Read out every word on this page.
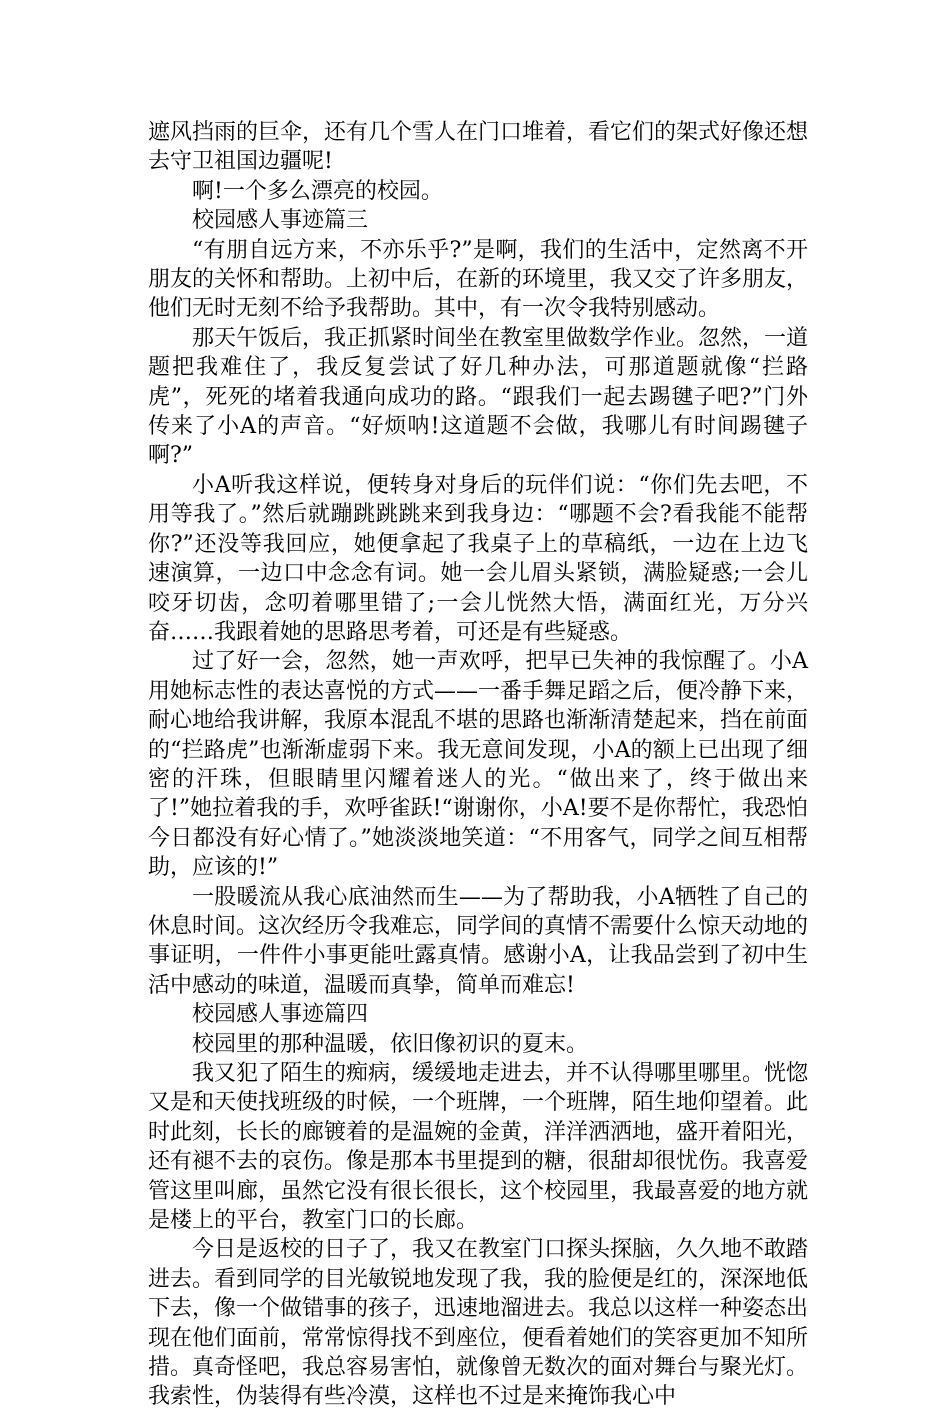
遮风挡雨的巨伞，还有几个雪人在门口堆着，看它们的架式好像还想去守卫祖国边疆呢!

啊!一个多么漂亮的校园。

校园感人事迹篇三

“有朋自远方来，不亦乐乎?”是啊，我们的生活中，定然离不开朋友的关怀和帮助。上初中后，在新的环境里，我又交了许多朋友，他们无时无刻不给予我帮助。其中，有一次令我特别感动。

那天午饭后，我正抓紧时间坐在教室里做数学作业。忽然，一道题把我难住了，我反复尝试了好几种办法，可那道题就像“拦路虎”，死死的堵着我通向成功的路。“跟我们一起去踢毽子吧?”门外传来了小A的声音。“好烦呐!这道题不会做，我哪儿有时间踢毽子啊?”

小A听我这样说，便转身对身后的玩伴们说：“你们先去吧，不用等我了。”然后就蹦跳跳跳来到我身边：“哪题不会?看我能不能帮你?”还没等我回应，她便拿起了我桌子上的草稿纸，一边在上边飞速演算，一边口中念念有词。她一会儿眉头紧锁，满脸疑惑;一会儿咬牙切齿，念叨着哪里错了;一会儿恍然大悟，满面红光，万分兴奋……我跟着她的思路思考着，可还是有些疑惑。

过了好一会，忽然，她一声欢呼，把早已失神的我惊醒了。小A用她标志性的表达喜悦的方式——一番手舞足蹈之后，便冷静下来，耐心地给我讲解，我原本混乱不堪的思路也渐渐清楚起来，挡在前面的“拦路虎”也渐渐虚弱下来。我无意间发现，小A的额上已出现了细密的汗珠，但眼睛里闪耀着迷人的光。“做出来了，终于做出来了!”她拉着我的手，欢呼雀跃!“谢谢你，小A!要不是你帮忙，我恐怕今日都没有好心情了。”她淡淡地笑道：“不用客气，同学之间互相帮助，应该的!”

一股暖流从我心底油然而生——为了帮助我，小A牺牲了自己的休息时间。这次经历令我难忘，同学间的真情不需要什么惊天动地的事证明，一件件小事更能吐露真情。感谢小A，让我品尝到了初中生活中感动的味道，温暖而真挚，简单而难忘!

校园感人事迹篇四

校园里的那种温暖，依旧像初识的夏末。

我又犯了陌生的痴病，缓缓地走进去，并不认得哪里哪里。恍惚又是和天使找班级的时候，一个班牌，一个班牌，陌生地仰望着。此时此刻，长长的廊镀着的是温婉的金黄，洋洋洒洒地，盛开着阳光，还有褪不去的哀伤。像是那本书里提到的糖，很甜却很忧伤。我喜爱管这里叫廊，虽然它没有很长很长，这个校园里，我最喜爱的地方就是楼上的平台，教室门口的长廊。

今日是返校的日子了，我又在教室门口探头探脑，久久地不敢踏进去。看到同学的目光敏锐地发现了我，我的脸便是红的，深深地低下去，像一个做错事的孩子，迅速地溜进去。我总以这样一种姿态出现在他们面前，常常惊得找不到座位，便看着她们的笑容更加不知所措。真奇怪吧，我总容易害怕，就像曾无数次的面对舞台与聚光灯。我索性，伪装得有些冷漠，这样也不过是来掩饰我心中
